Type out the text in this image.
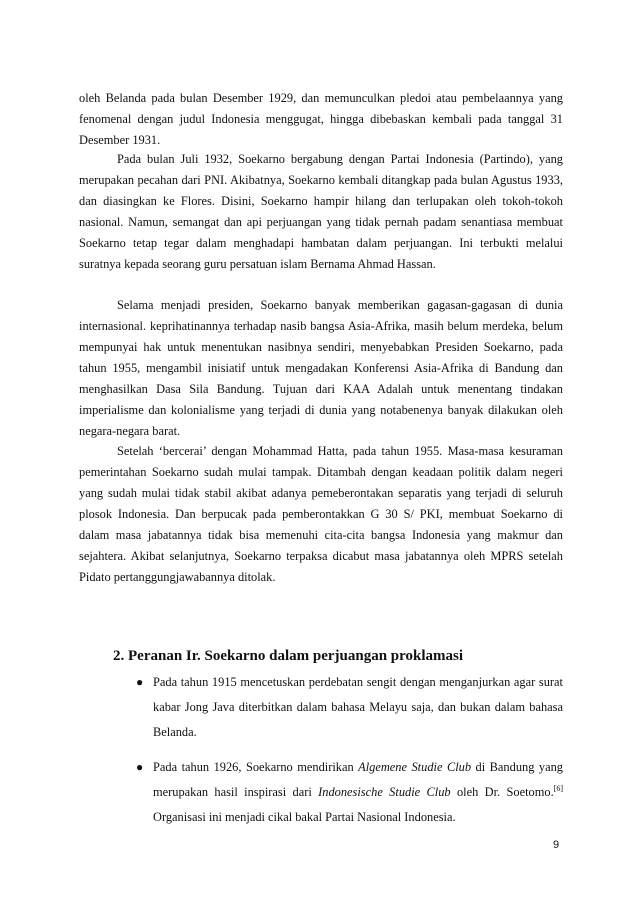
oleh Belanda pada bulan Desember 1929, dan memunculkan pledoi atau pembelaannya yang fenomenal dengan judul Indonesia menggugat, hingga dibebaskan kembali pada tanggal 31 Desember 1931.

Pada bulan Juli 1932, Soekarno bergabung dengan Partai Indonesia (Partindo), yang merupakan pecahan dari PNI. Akibatnya, Soekarno kembali ditangkap pada bulan Agustus 1933, dan diasingkan ke Flores. Disini, Soekarno hampir hilang dan terlupakan oleh tokoh-tokoh nasional. Namun, semangat dan api perjuangan yang tidak pernah padam senantiasa membuat Soekarno tetap tegar dalam menghadapi hambatan dalam perjuangan. Ini terbukti melalui suratnya kepada seorang guru persatuan islam Bernama Ahmad Hassan.

Selama menjadi presiden, Soekarno banyak memberikan gagasan-gagasan di dunia internasional. keprihatinannya terhadap nasib bangsa Asia-Afrika, masih belum merdeka, belum mempunyai hak untuk menentukan nasibnya sendiri, menyebabkan Presiden Soekarno, pada tahun 1955, mengambil inisiatif untuk mengadakan Konferensi Asia-Afrika di Bandung dan menghasilkan Dasa Sila Bandung. Tujuan dari KAA Adalah untuk menentang tindakan imperialisme dan kolonialisme yang terjadi di dunia yang notabenenya banyak dilakukan oleh negara-negara barat.

Setelah ‘bercerai’ dengan Mohammad Hatta, pada tahun 1955. Masa-masa kesuraman pemerintahan Soekarno sudah mulai tampak. Ditambah dengan keadaan politik dalam negeri yang sudah mulai tidak stabil akibat adanya pemeberontakan separatis yang terjadi di seluruh plosok Indonesia. Dan berpucak pada pemberontakkan G 30 S/ PKI, membuat Soekarno di dalam masa jabatannya tidak bisa memenuhi cita-cita bangsa Indonesia yang makmur dan sejahtera. Akibat selanjutnya, Soekarno terpaksa dicabut masa jabatannya oleh MPRS setelah Pidato pertanggungjawabannya ditolak.

2. Peranan Ir. Soekarno dalam perjuangan proklamasi
● Pada tahun 1915 mencetuskan perdebatan sengit dengan menganjurkan agar surat kabar Jong Java diterbitkan dalam bahasa Melayu saja, dan bukan dalam bahasa Belanda.
● Pada tahun 1926, Soekarno mendirikan Algemene Studie Club di Bandung yang merupakan hasil inspirasi dari Indonesische Studie Club oleh Dr. Soetomo.[6] Organisasi ini menjadi cikal bakal Partai Nasional Indonesia.
9
